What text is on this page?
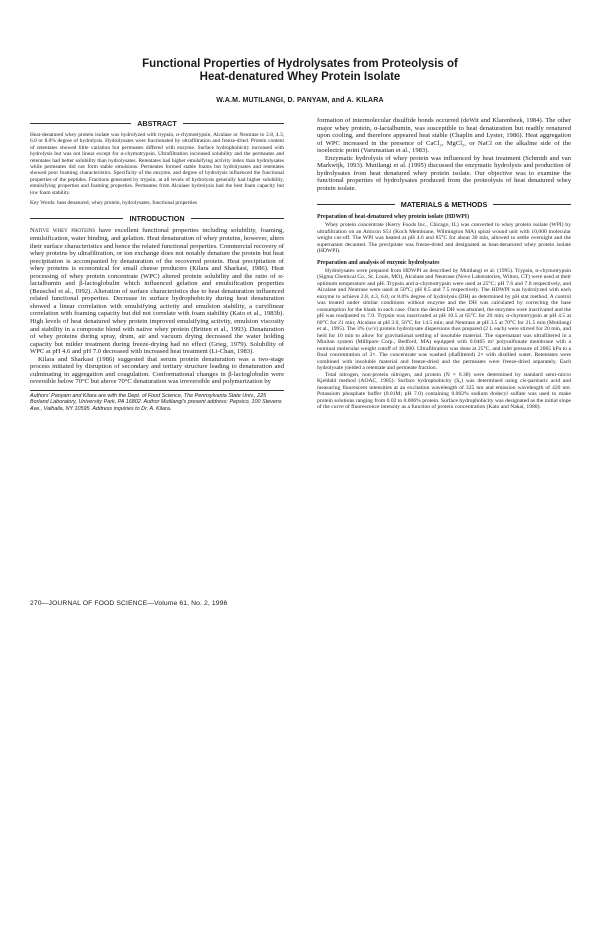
Functional Properties of Hydrolysates from Proteolysis of
Heat-denatured Whey Protein Isolate
W.A.M. MUTILANGI, D. PANYAM, and A. KILARA
ABSTRACT

Heat-denatured whey protein isolate was hydrolyzed with trypsin, α-chymotrypsin, Alcalase or Neutrase to 2.8, 4.3, 6.0 or 8.0% degree of hydrolysis. Hydrolysates were fractionated by ultrafiltration and freeze-dried. Protein content of retentates showed little variation but permeates differed with enzyme. Surface hydrophobicity increased with hydrolysis but was not linear except for α-chymotrypsin. Ultrafiltration increased solubility and the permeates and retentates had better solubility than hydrolysates. Retentates had higher emulsifying activity index than hydrolysates while permeates did not form stable emulsions. Permeates formed stable foams but hydrolysates and retentates showed poor foaming characteristics. Specificity of the enzyme, and degree of hydrolysis influenced the functional properties of the peptides. Fractions generated by trypsin, at all levels of hydrolysis generally had higher solubility, emulsifying properties and foaming properties. Permeates from Alcalase hydrolysis had the best foam capacity but low foam stability.

Key Words: heat denatured, whey protein, hydrolysates, functional properties

INTRODUCTION

Native whey proteins have excellent functional properties including solubility, foaming, emulsification, water binding, and gelation. Heat denaturation of whey proteins, however, alters their surface characteristics and hence the related functional properties. Commercial recovery of whey proteins by ultrafiltration, or ion exchange does not notably denature the protein but heat precipitation is accompanied by denaturation of the recovered protein. Heat precipitation of whey proteins is economical for small cheese producers (Kilara and Sharkasi, 1986). Heat processing of whey protein concentrate (WPC) altered protein solubility and the ratio of α-lactalbumin and β-lactoglobulin which influenced gelation and emulsification properties (Beuschel et al., 1992). Alteration of surface characteristics due to heat denaturation influenced related functional properties. Decrease in surface hydrophobicity during heat denaturation showed a linear correlation with emulsifying activity and emulsion stability, a curvilinear correlation with foaming capacity but did not correlate with foam stability (Kato et al., 1983b). High levels of heat denatured whey protein improved emulsifying activity, emulsion viscosity and stability in a composite blend with native whey protein (Britten et al., 1993). Denaturation of whey proteins during spray, drum, air and vacuum drying decreased the water holding capacity but milder treatment during freeze-drying had no effect (Grieg, 1979). Solubility of WPC at pH 4.6 and pH 7.0 decreased with increased heat treatment (Li-Chan, 1983).

Kilara and Sharkasi (1986) suggested that serum protein denaturation was a two-stage process initiated by disruption of secondary and tertiary structure leading to denaturation and culminating in aggregation and coagulation. Conformational changes in β-lactoglobulin were reversible below 70°C but above 70°C denaturation was irreversible and polymerization by

Authors' Panyam and Kilara are with the Dept. of Food Science, The Pennsylvania State Univ., 225 Borland Laboratory, University Park, PA 16802. Author Mutilangi's present address: Pepsico, 100 Stevens Ave., Valhalla, NY 10595. Address inquiries to Dr. A. Kilara.

formation of intermolecular disulfide bonds occurred (deWit and Klarenbeek, 1984). The other major whey protein, α-lactalbumin, was susceptible to heat denaturation but readily renatured upon cooling, and therefore appeared heat stable (Chaplin and Lyster, 1986). Heat aggregation of WPC increased in the presence of CaCl₂, MgCl₂, or NaCl on the alkaline side of the isoelectric point (Varunsatian et al., 1983).

Enzymatic hydrolysis of whey protein was influenced by heat treatment (Schmidt and van Markwijk, 1993). Mutilangi et al. (1995) discussed the enzymatic hydrolysis and production of hydrolysates from heat denatured whey protein isolate. Our objective was to examine the functional properties of hydrolysates produced from the proteolysis of heat denatured whey protein isolate.

MATERIALS & METHODS
Preparation of heat-denatured whey protein isolate (HDWPI)

Whey protein concentrate (Kerry Foods Inc., Chicago, IL) was converted to whey protein isolate (WPI) by ultrafiltration on an Amicon S51 (Koch Membrane, Wilmington MA) spiral wound unit with 10,000 molecular weight cut-off. The WPI was heated at pH 4.6 and 85°C for about 30 min, allowed to settle overnight and the supernatant decanted. The precipitate was freeze-dried and designated as heat-denatured whey protein isolate (HDWPI).

Preparation and analysis of enzymic hydrolysates

Hydrolysates were prepared from HDWPI as described by Mutilangi et al. (1995). Trypsin, α-chymotrypsin (Sigma Chemical Co., St. Louis, MO), Alcalase and Neutrase (Novo Laboratories, Wilton, CT) were used at their optimum temperature and pH. Trypsin and α-chymotrypsin were used at 25°C; pH 7.6 and 7.8 respectively, and Alcalase and Neutrase were used at 50°C; pH 8.5 and 7.5 respectively. The HDWPI was hydrolyzed with each enzyme to achieve 2.8, 4.3, 6.0, or 8.0% degree of hydrolysis (DH) as determined by pH stat method. A control was treated under similar conditions without enzyme and the DH was calculated by correcting the base consumption for the blank in each case. Once the desired DH was attained, the enzymes were inactivated and the pH was readjusted to 7.0. Trypsin was inactivated at pH 10.5 at 65°C for 20 min; α-chymotrypsin at pH 4.5 at 60°C for 21 min; Alcalase at pH 3.0, 56°C for 14.5 min; and Neutrase at pH 3.5 at 70°C for 21.5 min (Mutilangi et al., 1995). The 3% (w/v) protein hydrolysate dispersions thus prepared (2 L each) were stirred for 20 min, and held for 10 min to allow for gravitational settling of insoluble material. The supernatant was ultrafiltered in a Minitan system (Millipore Corp., Bedford, MA) equipped with 0.0465 m² polysulfonate membrane with a nominal molecular weight cutoff of 10,000. Ultrafiltration was done at 25°C, and inlet pressure of 2065 kPa to a final concentration of 3×. The concentrate was washed (diafiltered) 2× with distilled water. Retentates were combined with insoluble material and freeze-dried and the permeates were freeze-dried separately. Each hydrolysate yielded a retentate and permeate fraction.

Total nitrogen, non-protein nitrogen, and protein (N × 6.38) were determined by standard semi-micro Kjeldahl method (AOAC, 1985). Surface hydrophobicity (S₀) was determined using cis-parinaric acid and measuring fluorescent intensities at an excitation wavelength of 325 nm and emission wavelength of 420 nm. Potassium phosphate buffer (0.01M; pH 7.0) containing 0.002% sodium dodecyl sulfate was used to make protein solutions ranging from 0.02 to 0.006% protein. Surface hydrophobicity was designated as the initial slope of the curve of fluorescence intensity as a function of protein concentration (Kato and Nakai, 1980).

270—JOURNAL OF FOOD SCIENCE—Volume 61, No. 2, 1996
